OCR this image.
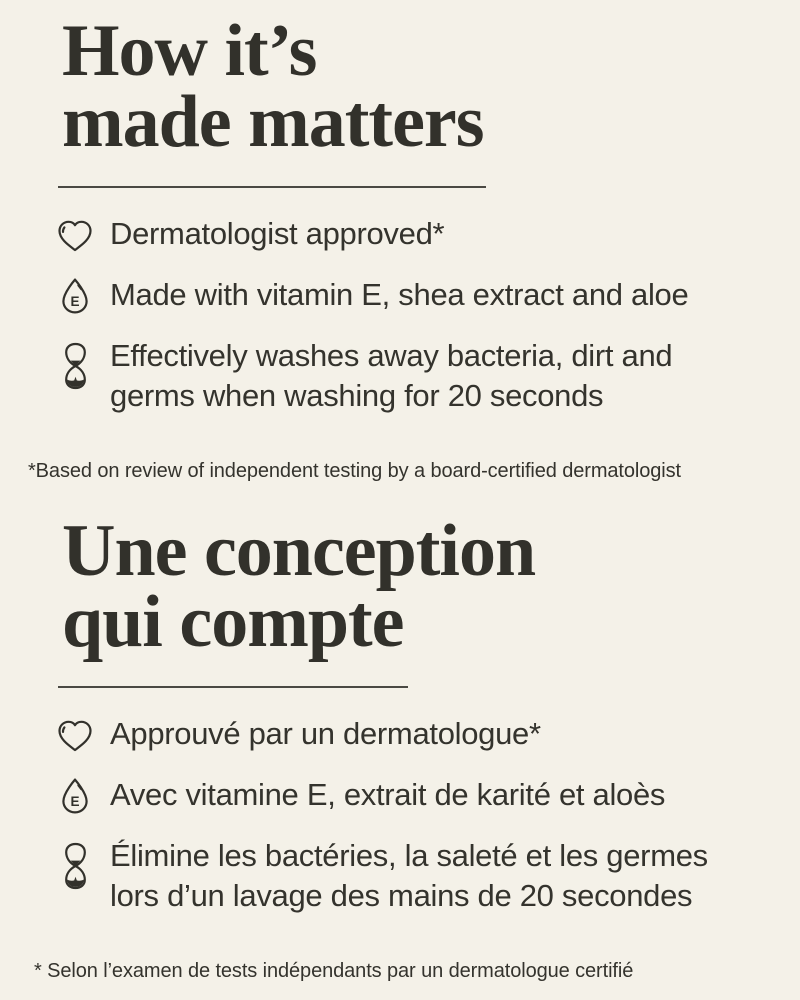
How it’s
made matters
Dermatologist approved*
E Made with vitamin E, shea extract and aloe
Effectively washes away bacteria, dirt and
germs when washing for 20 seconds

*Based on review of independent testing by a board-certified dermatologist

Une conception
qui compte
Approuvé par un dermatologue*
E Avec vitamine E, extrait de karité et aloès
Élimine les bactéries, la saleté et les germes
lors d’un lavage des mains de 20 secondes

* Selon l’examen de tests indépendants par un dermatologue certifié
